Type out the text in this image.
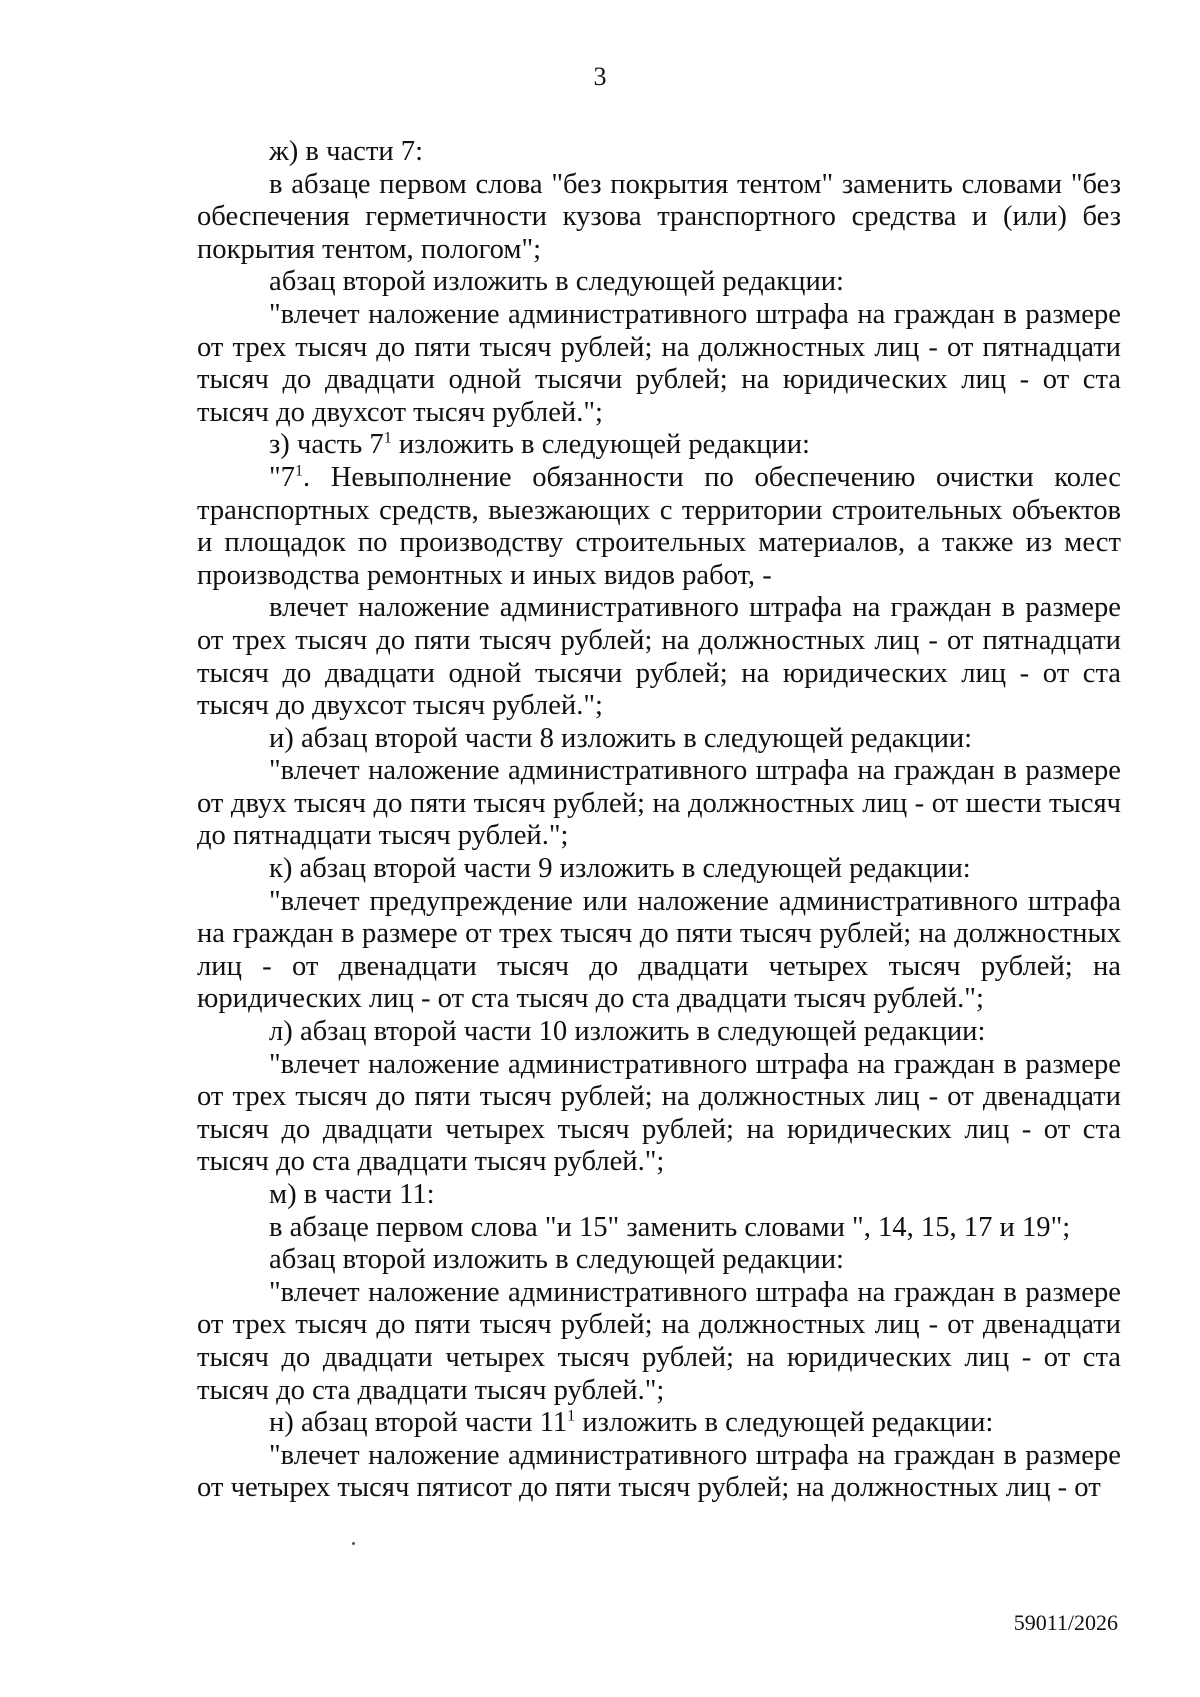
3

ж) в части 7:

в абзаце первом слова "без покрытия тентом" заменить словами "без обеспечения герметичности кузова транспортного средства и (или) без покрытия тентом, пологом";

абзац второй изложить в следующей редакции:

"влечет наложение административного штрафа на граждан в размере от трех тысяч до пяти тысяч рублей; на должностных лиц - от пятнадцати тысяч до двадцати одной тысячи рублей; на юридических лиц - от ста тысяч до двухсот тысяч рублей.";

з) часть $7^1$ изложить в следующей редакции:

"$7^1$. Невыполнение обязанности по обеспечению очистки колес транспортных средств, выезжающих с территории строительных объектов и площадок по производству строительных материалов, а также из мест производства ремонтных и иных видов работ, -

влечет наложение административного штрафа на граждан в размере от трех тысяч до пяти тысяч рублей; на должностных лиц - от пятнадцати тысяч до двадцати одной тысячи рублей; на юридических лиц - от ста тысяч до двухсот тысяч рублей.";

и) абзац второй части 8 изложить в следующей редакции:

"влечет наложение административного штрафа на граждан в размере от двух тысяч до пяти тысяч рублей; на должностных лиц - от шести тысяч до пятнадцати тысяч рублей.";

к) абзац второй части 9 изложить в следующей редакции:

"влечет предупреждение или наложение административного штрафа на граждан в размере от трех тысяч до пяти тысяч рублей; на должностных лиц - от двенадцати тысяч до двадцати четырех тысяч рублей; на юридических лиц - от ста тысяч до ста двадцати тысяч рублей.";

л) абзац второй части 10 изложить в следующей редакции:

"влечет наложение административного штрафа на граждан в размере от трех тысяч до пяти тысяч рублей; на должностных лиц - от двенадцати тысяч до двадцати четырех тысяч рублей; на юридических лиц - от ста тысяч до ста двадцати тысяч рублей.";

м) в части 11:

в абзаце первом слова "и 15" заменить словами ", 14, 15, 17 и 19";

абзац второй изложить в следующей редакции:

"влечет наложение административного штрафа на граждан в размере от трех тысяч до пяти тысяч рублей; на должностных лиц - от двенадцати тысяч до двадцати четырех тысяч рублей; на юридических лиц - от ста тысяч до ста двадцати тысяч рублей.";

н) абзац второй части $11^1$ изложить в следующей редакции:

"влечет наложение административного штрафа на граждан в размере от четырех тысяч пятисот до пяти тысяч рублей; на должностных лиц - от

59011/2026
